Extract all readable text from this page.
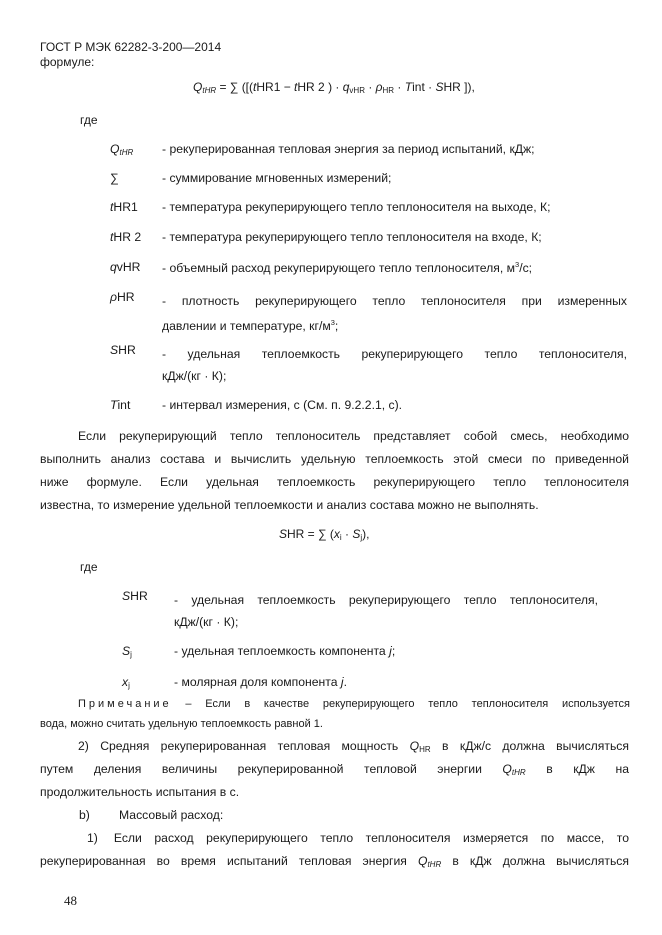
ГОСТ Р МЭК 62282-3-200—2014
формуле:
$Q_{tHR}$ = ∑ ([(tHR1 − tHR 2 ) · $q_{vHR} \cdot \rho_{HR}$ · Tint · SHR ]),
где
$Q_{tHR}$	- рекуперированная тепловая энергия за период испытаний, кДж;
∑	- суммирование мгновенных измерений;
tHR1	- температура рекуперирующего тепло теплоносителя на выходе, К;
tHR 2	- температура рекуперирующего тепло теплоносителя на входе, К;
qvHR	- объемный расход рекуперирующего тепло теплоносителя, $м^3/с$;
ρHR	- плотность рекуперирующего тепло теплоносителя при измеренных
давлении и температуре, $кг/м^3$;
SHR	- удельная теплоемкость рекуперирующего тепло теплоносителя,
кДж/(кг · К);
Tint	- интервал измерения, с (См. п. 9.2.2.1, с).
Если рекуперирующий тепло теплоноситель представляет собой смесь, необходимо
выполнить анализ состава и вычислить удельную теплоемкость этой смеси по приведенной
ниже формуле. Если удельная теплоемкость рекуперирующего тепло теплоносителя
известна, то измерение удельной теплоемкости и анализ состава можно не выполнять.
SHR = ∑ $(x_i \cdot S_j)$,
где
SHR	- удельная теплоемкость рекуперирующего тепло теплоносителя,
кДж/(кг · К);
$S_j$	- удельная теплоемкость компонента j;
$x_j$	- молярная доля компонента j.
Примечание – Если в качестве рекуперирующего тепло теплоносителя используется
вода, можно считать удельную теплоемкость равной 1.
2) Средняя рекуперированная тепловая мощность $Q_{HR}$ в кДж/с должна вычисляться
путем деления величины рекуперированной тепловой энергии $Q_{tHR}$ в кДж на
продолжительность испытания в с.
b) Массовый расход:
1) Если расход рекуперирующего тепло теплоносителя измеряется по массе, то
рекуперированная во время испытаний тепловая энергия $Q_{tHR}$ в кДж должна вычисляться
48
